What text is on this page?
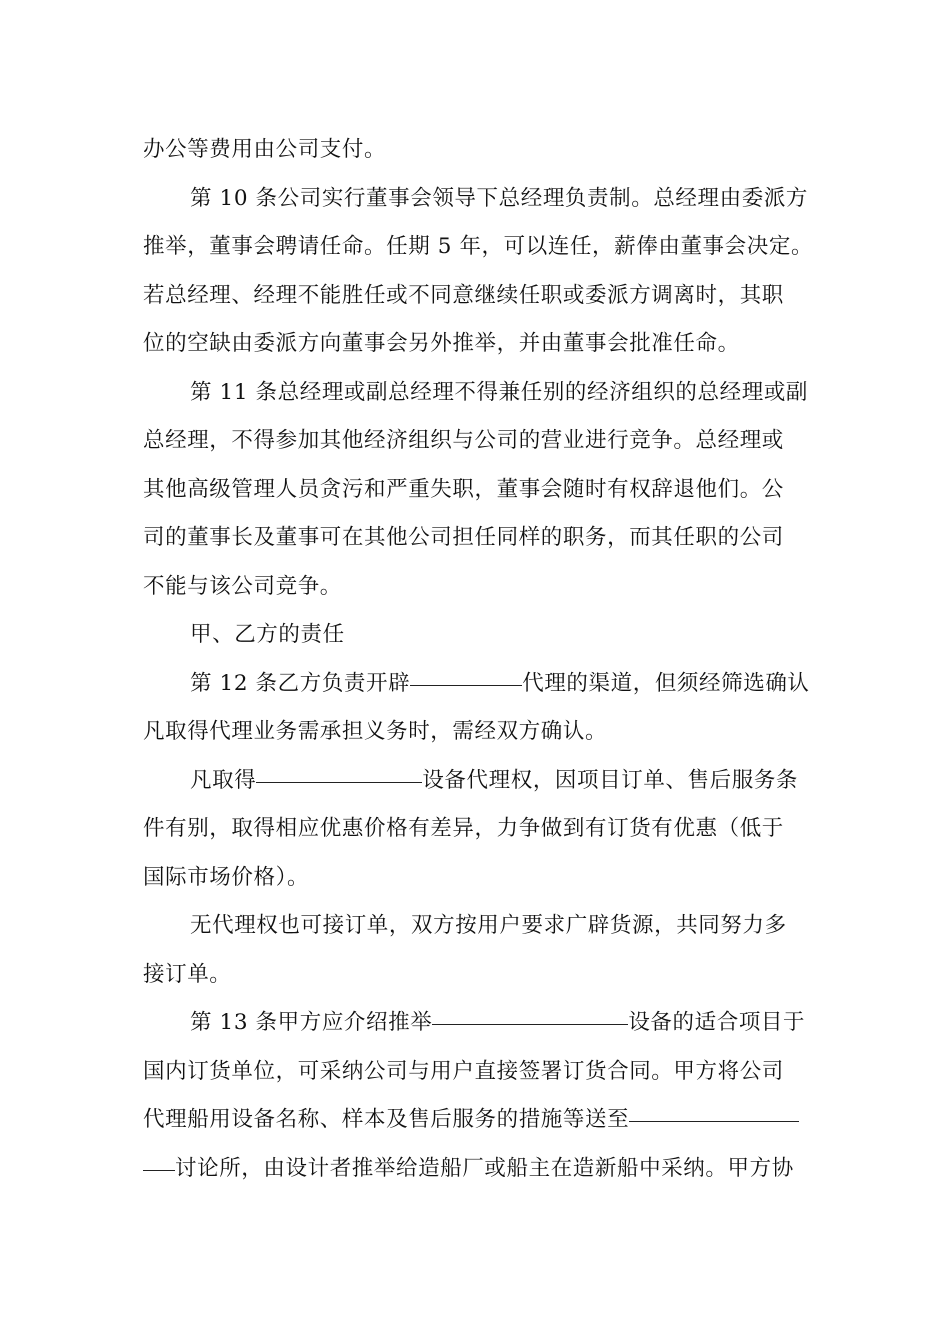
办公等费用由公司支付。
第 10 条公司实行董事会领导下总经理负责制。总经理由委派方
推举，董事会聘请任命。任期 5 年，可以连任，薪俸由董事会决定。
若总经理、经理不能胜任或不同意继续任职或委派方调离时，其职
位的空缺由委派方向董事会另外推举，并由董事会批准任命。
第 11 条总经理或副总经理不得兼任别的经济组织的总经理或副
总经理，不得参加其他经济组织与公司的营业进行竞争。总经理或
其他高级管理人员贪污和严重失职，董事会随时有权辞退他们。公
司的董事长及董事可在其他公司担任同样的职务，而其任职的公司
不能与该公司竞争。
甲、乙方的责任
第 12 条乙方负责开辟	代理的渠道，但须经筛选确认
凡取得代理业务需承担义务时，需经双方确认。
凡取得	设备代理权，因项目订单、售后服务条
件有别，取得相应优惠价格有差异，力争做到有订货有优惠（低于
国际市场价格）。
无代理权也可接订单，双方按用户要求广辟货源，共同努力多
接订单。
第 13 条甲方应介绍推举	设备的适合项目于
国内订货单位，可采纳公司与用户直接签署订货合同。甲方将公司
代理船用设备名称、样本及售后服务的措施等送至
讨论所，由设计者推举给造船厂或船主在造新船中采纳。甲方协
